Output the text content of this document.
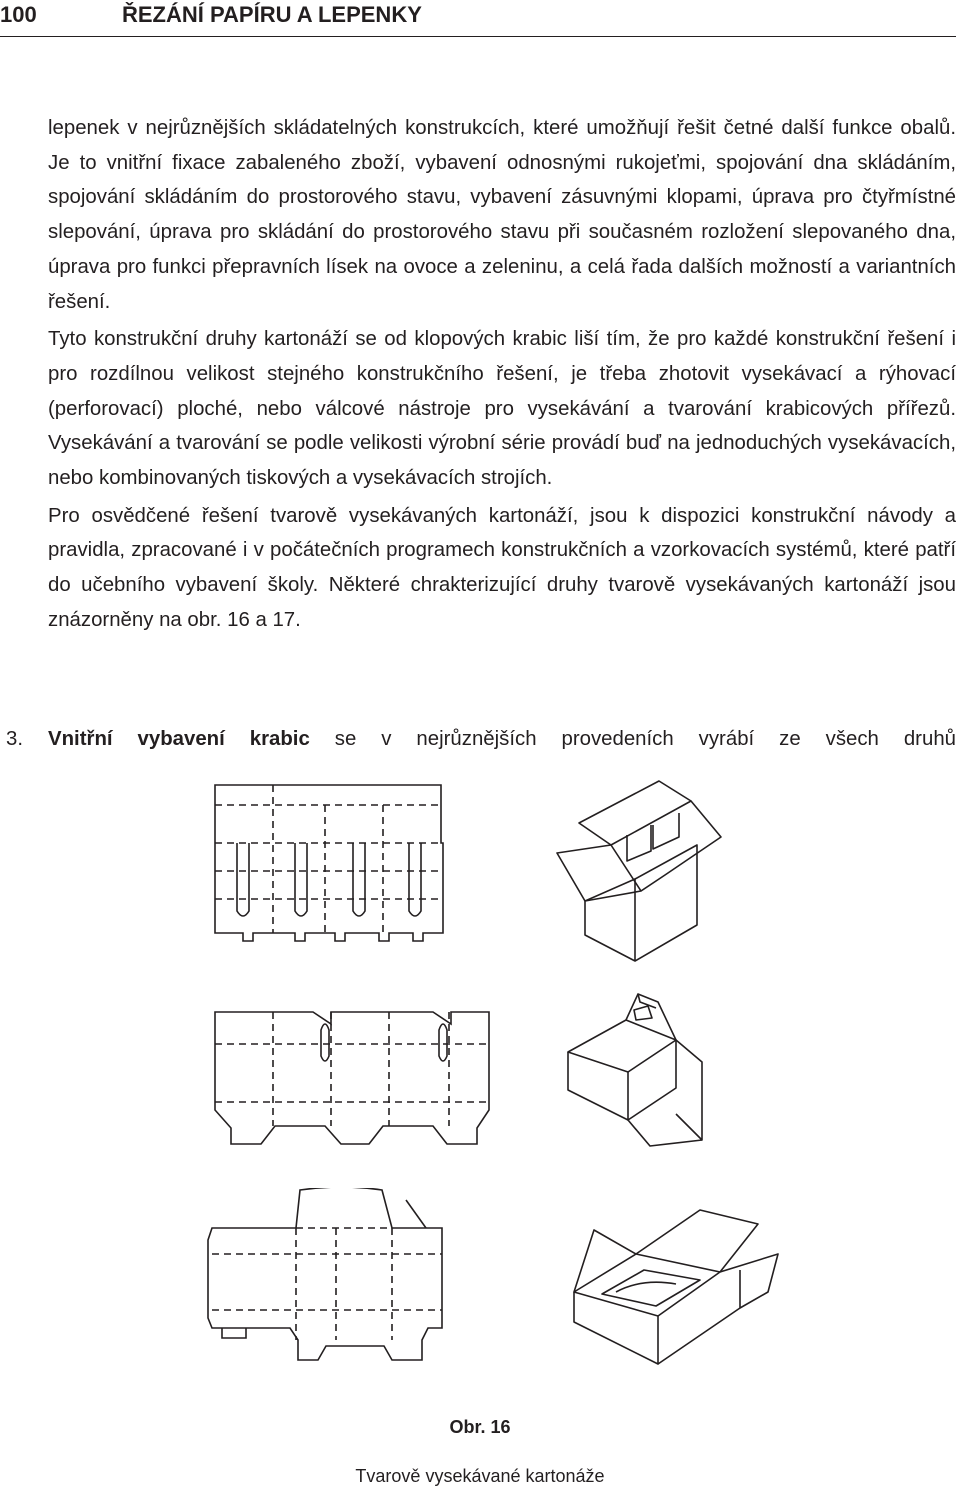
100	ŘEZÁNÍ PAPÍRU A LEPENKY

lepenek v nejrůznějších skládatelných konstrukcích, které umožňují řešit četné další funkce obalů. Je to vnitřní fixace zabaleného zboží, vybavení odnosnými rukojeťmi, spojování dna skládáním, spojování skládáním do prostorového stavu, vybavení zásuvnými klopami, úprava pro čtyřmístné slepování, úprava pro skládání do prostorového stavu při současném rozložení slepovaného dna, úprava pro funkci přepravních lísek na ovoce a zeleninu, a celá řada dalších možností a variantních řešení.

Tyto konstrukční druhy kartonáží se od klopových krabic liší tím, že pro každé konstrukční řešení i pro rozdílnou velikost stejného konstrukčního řešení, je třeba zhotovit vysekávací a rýhovací (perforovací) ploché, nebo válcové nástroje pro vysekávání a tvarování krabicových přířezů. Vysekávání a tvarování se podle velikosti výrobní série provádí buď na jednoduchých vysekávacích, nebo kombinovaných tiskových a vysekávacích strojích.

Pro osvědčené řešení tvarově vysekávaných kartonáží, jsou k dispozici konstrukční návody a pravidla, zpracované i v počátečních programech konstrukčních a vzorkovacích systémů, které patří do učebního vybavení školy. Některé chrakterizující druhy tvarově vysekávaných kartonáží jsou znázorněny na obr. 16 a 17.

3. Vnitřní vybavení krabic se v nejrůznějších provedeních vyrábí ze všech druhů
Obr. 16
Tvarově vysekávané kartonáže
